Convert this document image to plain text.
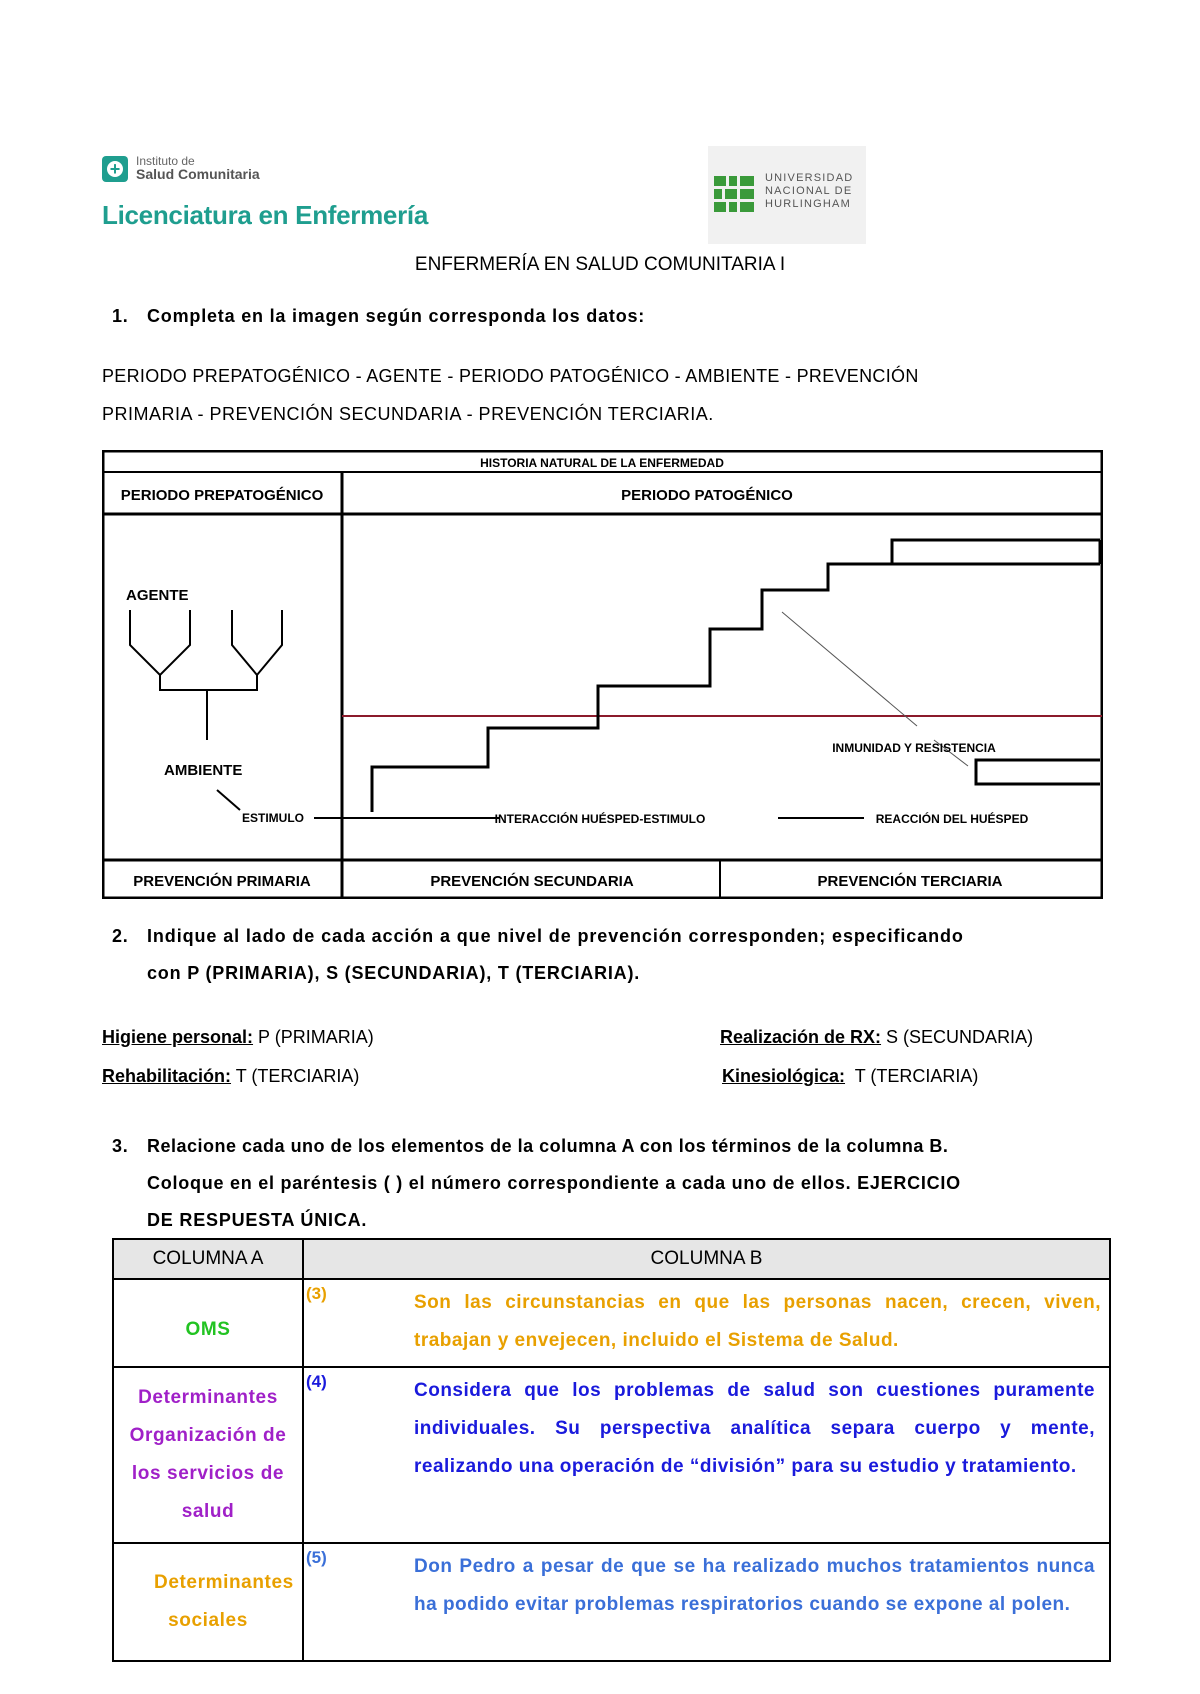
+
Instituto de
Salud Comunitaria
Licenciatura en Enfermería
UNIVERSIDAD
NACIONAL DE
HURLINGHAM
ENFERMERÍA EN SALUD COMUNITARIA I
1. Completa en la imagen según corresponda los datos:
PERIODO PREPATOGÉNICO - AGENTE - PERIODO PATOGÉNICO - AMBIENTE - PREVENCIÓN
PRIMARIA - PREVENCIÓN SECUNDARIA - PREVENCIÓN TERCIARIA.
HISTORIA NATURAL DE LA ENFERMEDAD
PERIODO PREPATOGÉNICO	PERIODO PATOGÉNICO
AGENTE
AMBIENTE
ESTIMULO	INTERACCIÓN HUÉSPED-ESTIMULO	REACCIÓN DEL HUÉSPED
INMUNIDAD Y RESISTENCIA
PREVENCIÓN PRIMARIA	PREVENCIÓN SECUNDARIA	PREVENCIÓN TERCIARIA
2. Indique al lado de cada acción a que nivel de prevención corresponden; especificando
con P (PRIMARIA), S (SECUNDARIA), T (TERCIARIA).
Higiene personal: P (PRIMARIA)	Realización de RX: S (SECUNDARIA)
Rehabilitación: T (TERCIARIA)	Kinesiológica:  T (TERCIARIA)
3. Relacione cada uno de los elementos de la columna A con los términos de la columna B.
Coloque en el paréntesis ( ) el número correspondiente a cada uno de ellos. EJERCICIO
DE RESPUESTA ÚNICA.
COLUMNA A	COLUMNA B
OMS	(3) Son las circunstancias en que las personas nacen, crecen, viven, trabajan y envejecen, incluido el Sistema de Salud.

Determinantes Organización de los servicios de salud	(4) Considera que los problemas de salud son cuestiones puramente individuales. Su perspectiva analítica separa cuerpo y mente, realizando una operación de “división” para su estudio y tratamiento.

Determinantes sociales	(5) Don Pedro a pesar de que se ha realizado muchos tratamientos nunca ha podido evitar problemas respiratorios cuando se expone al polen.
